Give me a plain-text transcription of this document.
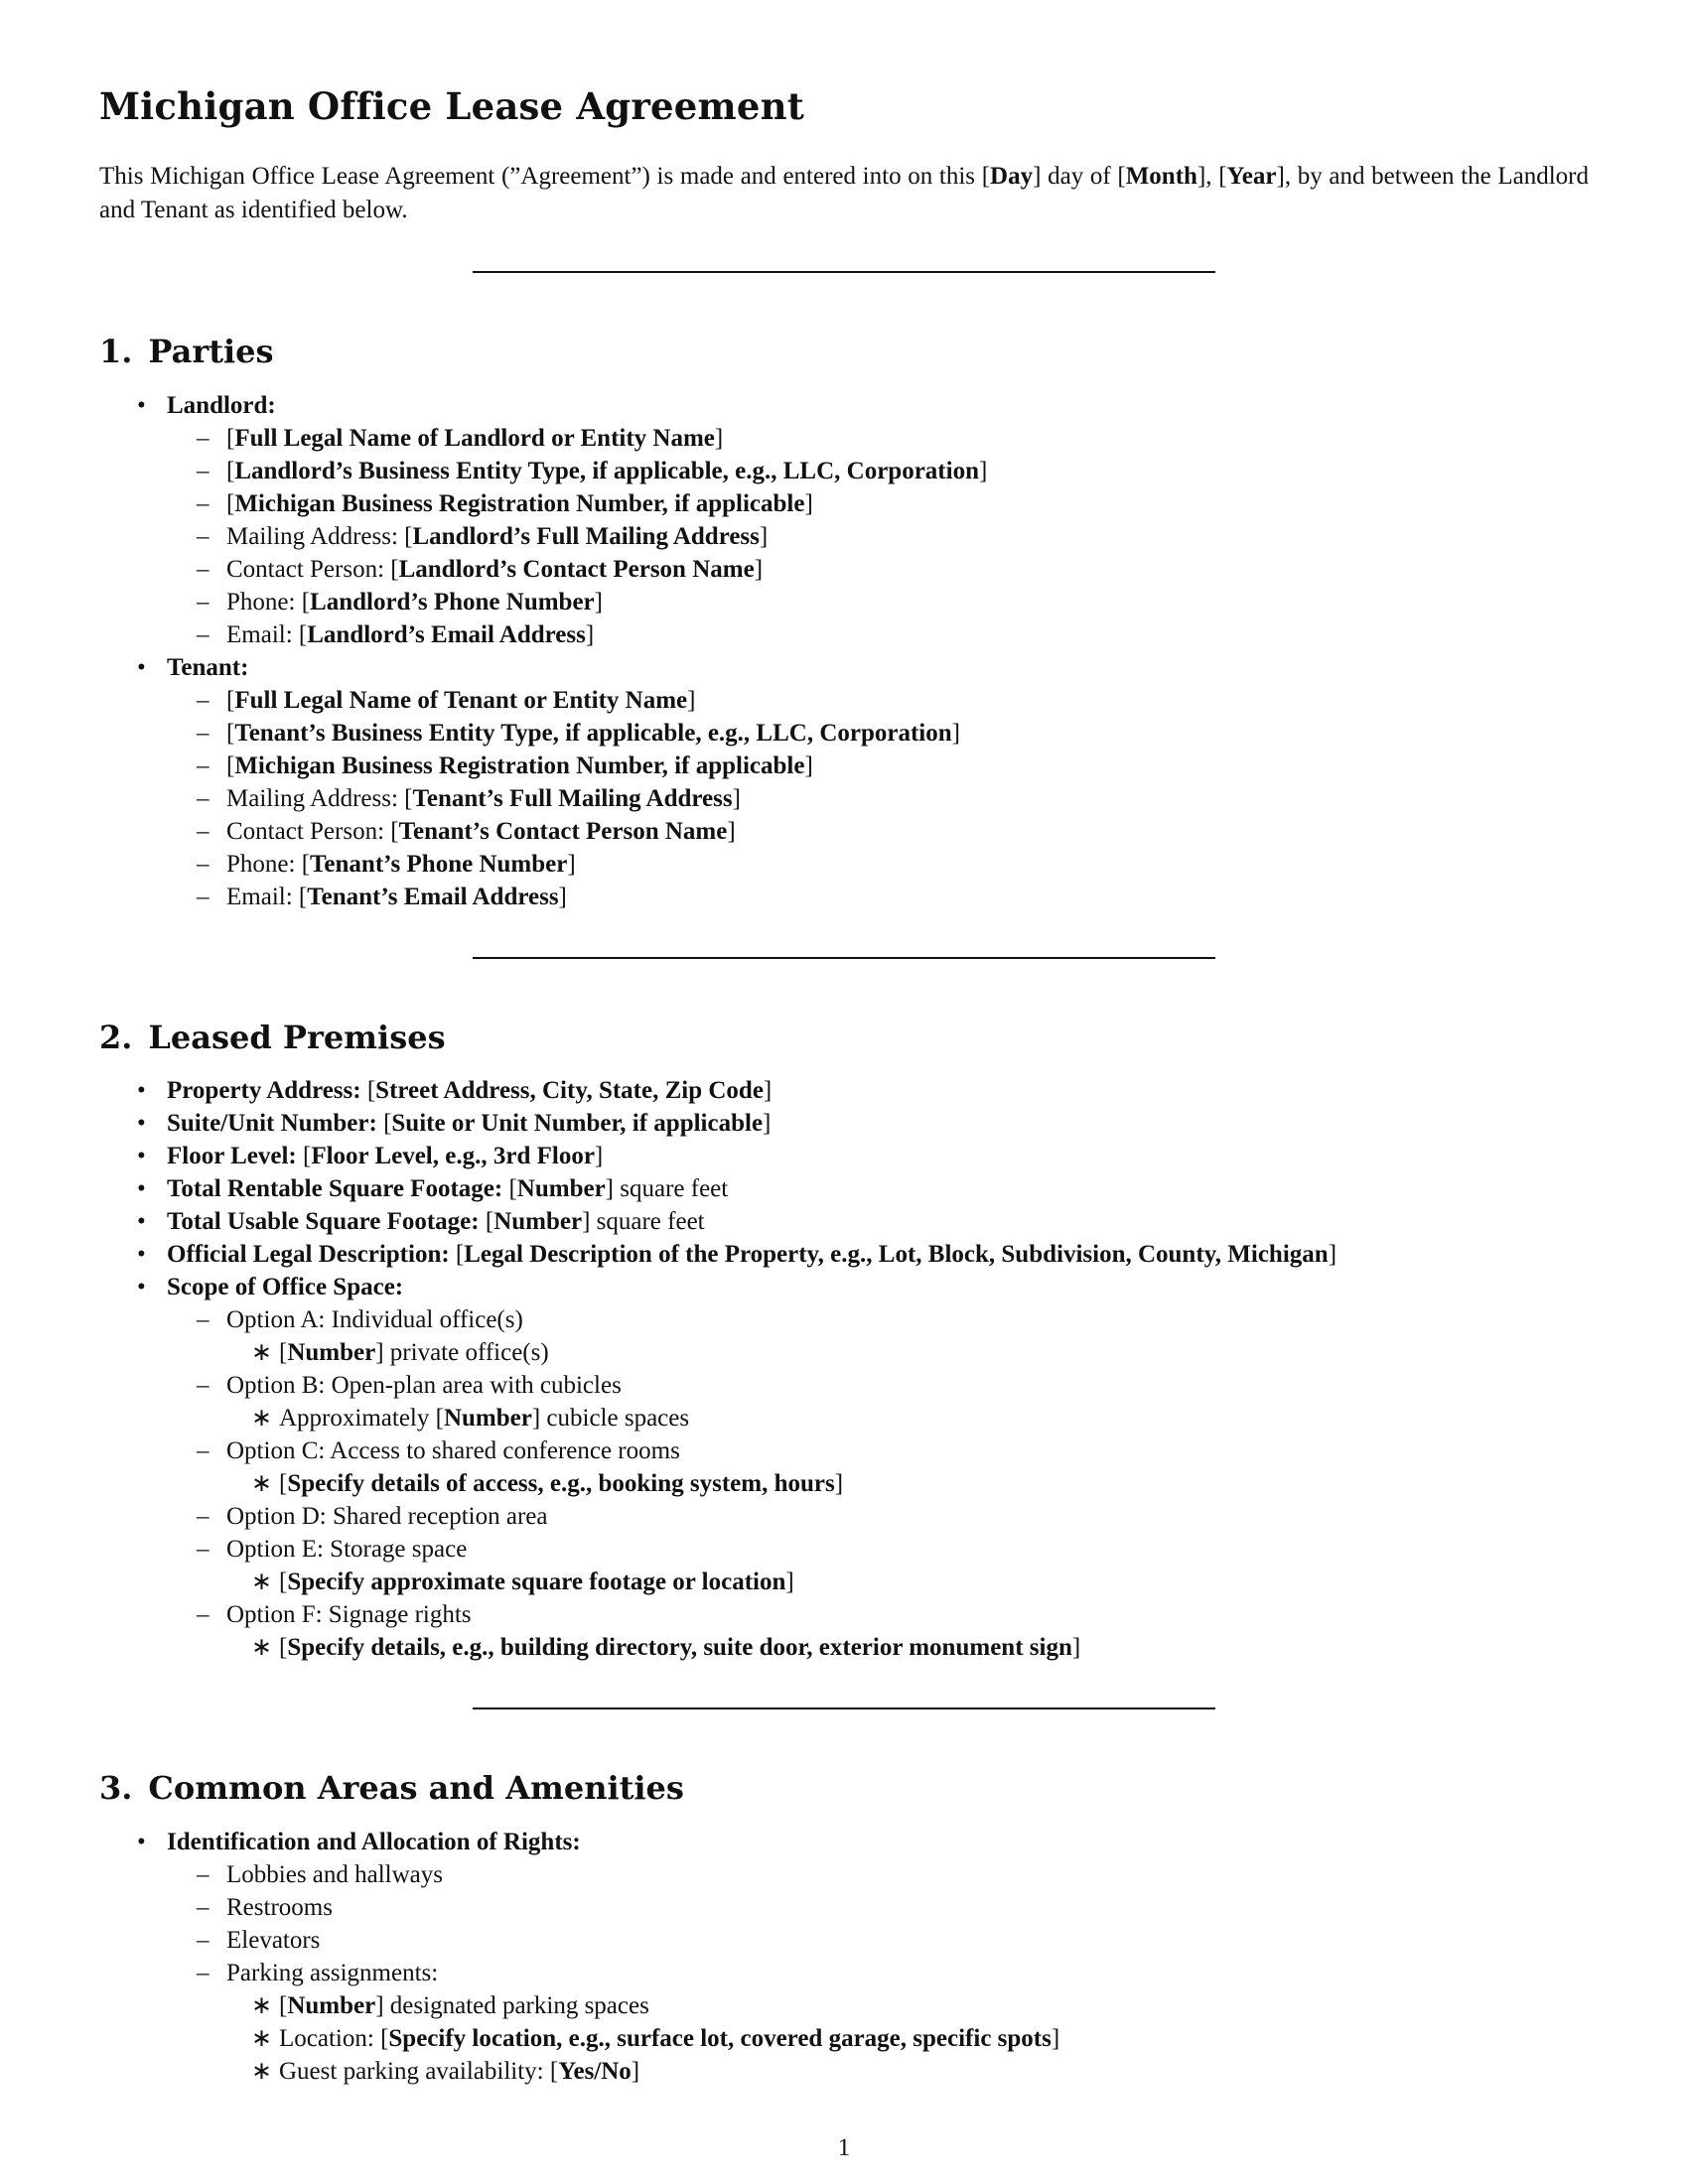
Michigan Office Lease Agreement

This Michigan Office Lease Agreement (”Agreement”) is made and entered into on this [Day] day of [Month], [Year], by and between the Landlord and Tenant as identified below.

1. Parties
• Landlord:
– [Full Legal Name of Landlord or Entity Name]
– [Landlord’s Business Entity Type, if applicable, e.g., LLC, Corporation]
– [Michigan Business Registration Number, if applicable]
– Mailing Address: [Landlord’s Full Mailing Address]
– Contact Person: [Landlord’s Contact Person Name]
– Phone: [Landlord’s Phone Number]
– Email: [Landlord’s Email Address]
• Tenant:
– [Full Legal Name of Tenant or Entity Name]
– [Tenant’s Business Entity Type, if applicable, e.g., LLC, Corporation]
– [Michigan Business Registration Number, if applicable]
– Mailing Address: [Tenant’s Full Mailing Address]
– Contact Person: [Tenant’s Contact Person Name]
– Phone: [Tenant’s Phone Number]
– Email: [Tenant’s Email Address]
2. Leased Premises
• Property Address: [Street Address, City, State, Zip Code]
• Suite/Unit Number: [Suite or Unit Number, if applicable]
• Floor Level: [Floor Level, e.g., 3rd Floor]
• Total Rentable Square Footage: [Number] square feet
• Total Usable Square Footage: [Number] square feet
• Official Legal Description: [Legal Description of the Property, e.g., Lot, Block, Subdivision, County, Michigan]
• Scope of Office Space:
– Option A: Individual office(s)
∗ [Number] private office(s)
– Option B: Open-plan area with cubicles
∗ Approximately [Number] cubicle spaces
– Option C: Access to shared conference rooms
∗ [Specify details of access, e.g., booking system, hours]
– Option D: Shared reception area
– Option E: Storage space
∗ [Specify approximate square footage or location]
– Option F: Signage rights
∗ [Specify details, e.g., building directory, suite door, exterior monument sign]
3. Common Areas and Amenities
• Identification and Allocation of Rights:
– Lobbies and hallways
– Restrooms
– Elevators
– Parking assignments:
∗ [Number] designated parking spaces
∗ Location: [Specify location, e.g., surface lot, covered garage, specific spots]
∗ Guest parking availability: [Yes/No]
1
